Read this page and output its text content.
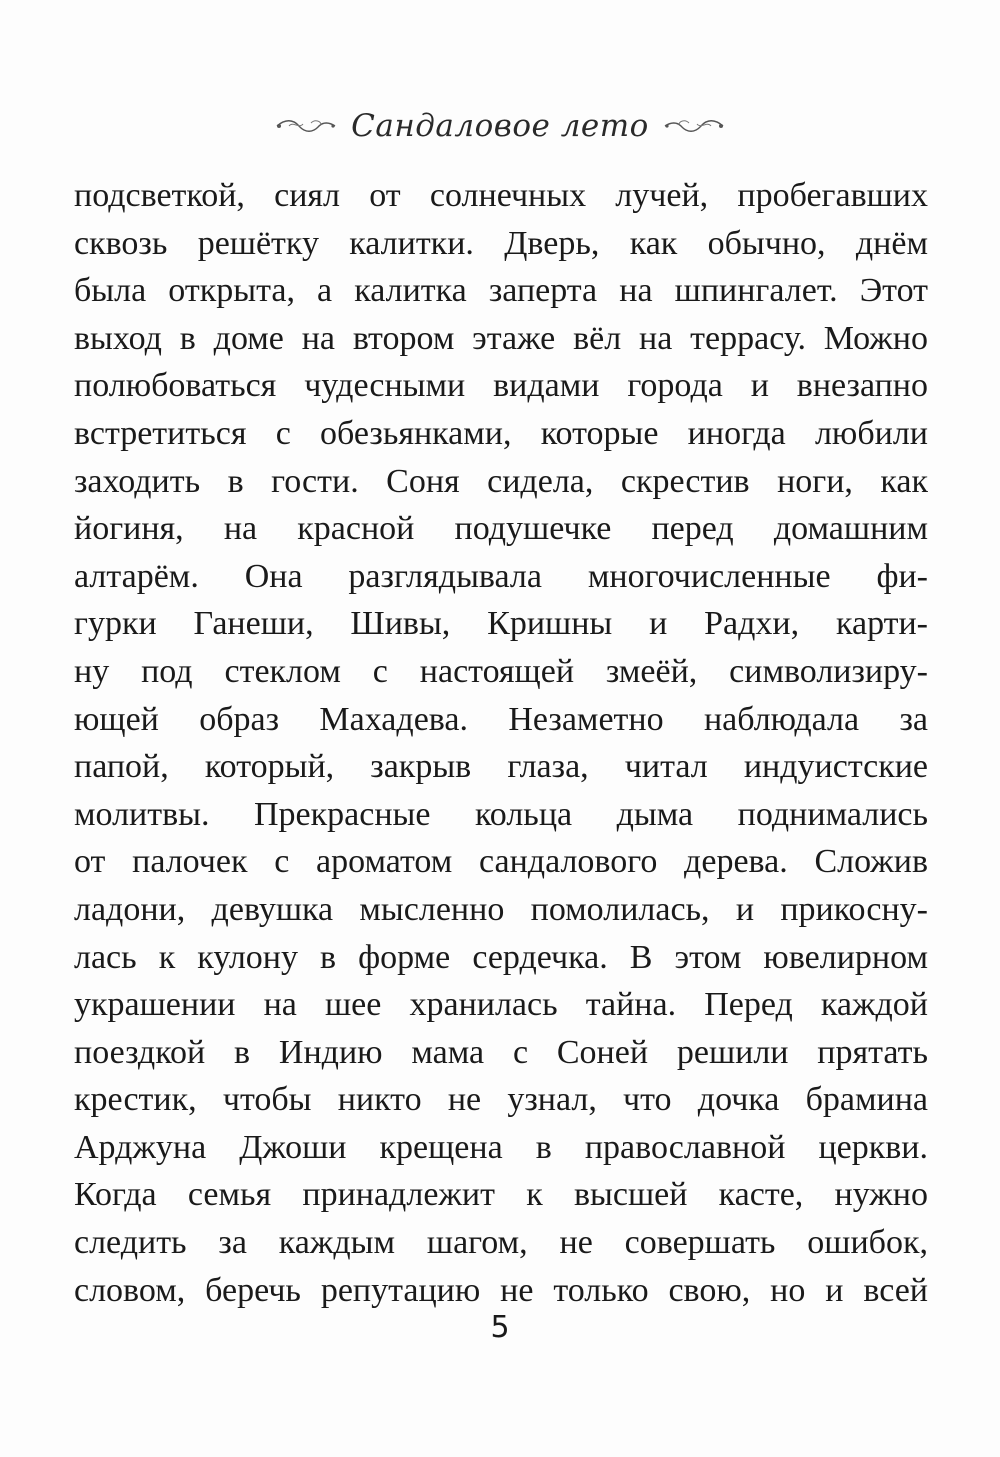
Сандаловое лето
подсветкой, сиял от солнечных лучей, пробегавших
сквозь решётку калитки. Дверь, как обычно, днём
была открыта, а калитка заперта на шпингалет. Этот
выход в доме на втором этаже вёл на террасу. Можно
полюбоваться чудесными видами города и внезапно
встретиться с обезьянками, которые иногда любили
заходить в гости. Соня сидела, скрестив ноги, как
йогиня, на красной подушечке перед домашним
алтарём. Она разглядывала многочисленные фи-
гурки Ганеши, Шивы, Кришны и Радхи, карти-
ну под стеклом с настоящей змеёй, символизиру-
ющей образ Махадева. Незаметно наблюдала за
папой, который, закрыв глаза, читал индуистские
молитвы. Прекрасные кольца дыма поднимались
от палочек с ароматом сандалового дерева. Сложив
ладони, девушка мысленно помолилась, и прикосну-
лась к кулону в форме сердечка. В этом ювелирном
украшении на шее хранилась тайна. Перед каждой
поездкой в Индию мама с Соней решили прятать
крестик, чтобы никто не узнал, что дочка брамина
Арджуна Джоши крещена в православной церкви.
Когда семья принадлежит к высшей касте, нужно
следить за каждым шагом, не совершать ошибок,
словом, беречь репутацию не только свою, но и всей
5
